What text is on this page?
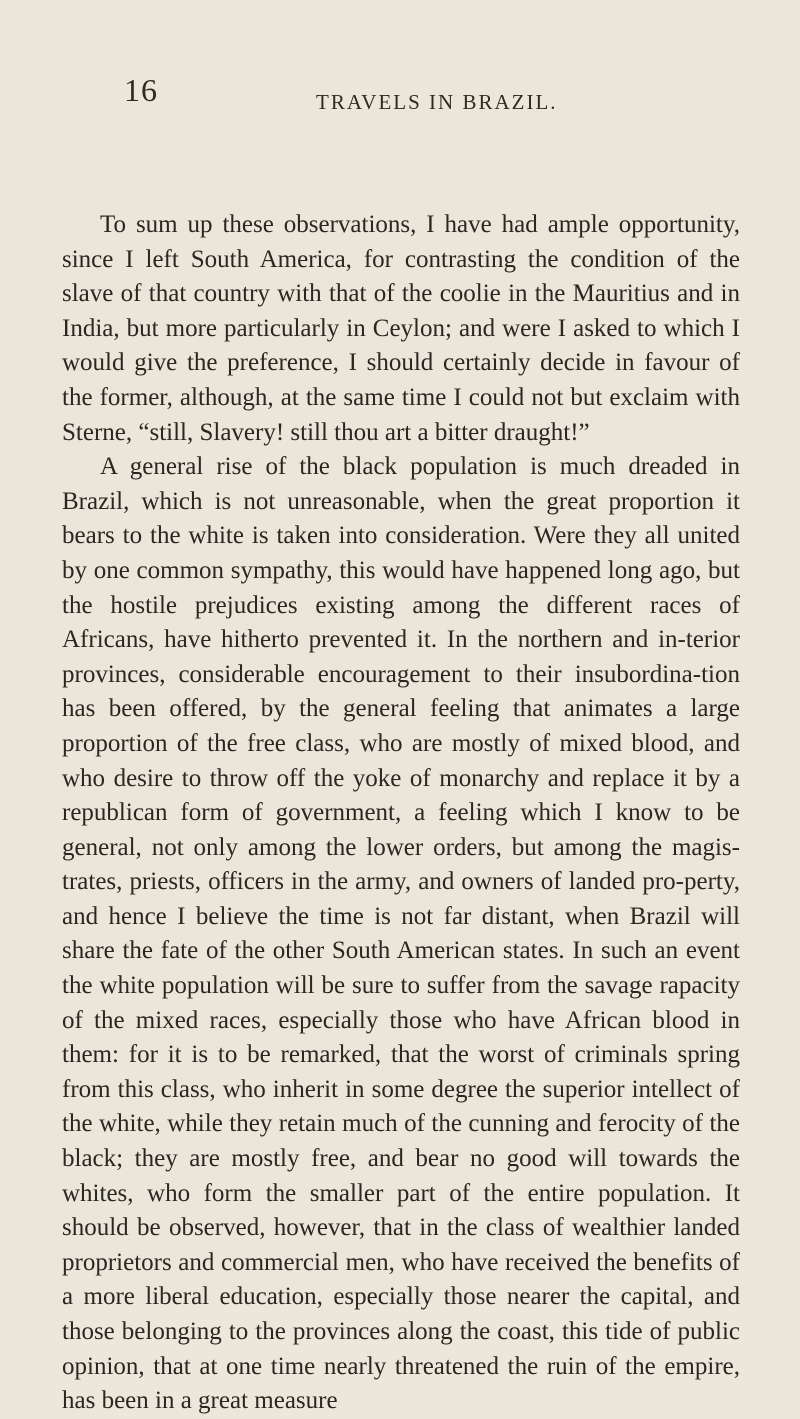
16	TRAVELS IN BRAZIL.

To sum up these observations, I have had ample opportunity, since I left South America, for contrasting the condition of the slave of that country with that of the coolie in the Mauritius and in India, but more particularly in Ceylon; and were I asked to which I would give the preference, I should certainly decide in favour of the former, although, at the same time I could not but exclaim with Sterne, “still, Slavery! still thou art a bitter draught!”

A general rise of the black population is much dreaded in Brazil, which is not unreasonable, when the great proportion it bears to the white is taken into consideration. Were they all united by one common sympathy, this would have happened long ago, but the hostile prejudices existing among the different races of Africans, have hitherto prevented it. In the northern and in-terior provinces, considerable encouragement to their insubordina-tion has been offered, by the general feeling that animates a large proportion of the free class, who are mostly of mixed blood, and who desire to throw off the yoke of monarchy and replace it by a republican form of government, a feeling which I know to be general, not only among the lower orders, but among the magis-trates, priests, officers in the army, and owners of landed pro-perty, and hence I believe the time is not far distant, when Brazil will share the fate of the other South American states. In such an event the white population will be sure to suffer from the savage rapacity of the mixed races, especially those who have African blood in them: for it is to be remarked, that the worst of criminals spring from this class, who inherit in some degree the superior intellect of the white, while they retain much of the cunning and ferocity of the black; they are mostly free, and bear no good will towards the whites, who form the smaller part of the entire population. It should be observed, however, that in the class of wealthier landed proprietors and commercial men, who have received the benefits of a more liberal education, especially those nearer the capital, and those belonging to the provinces along the coast, this tide of public opinion, that at one time nearly threatened the ruin of the empire, has been in a great measure
